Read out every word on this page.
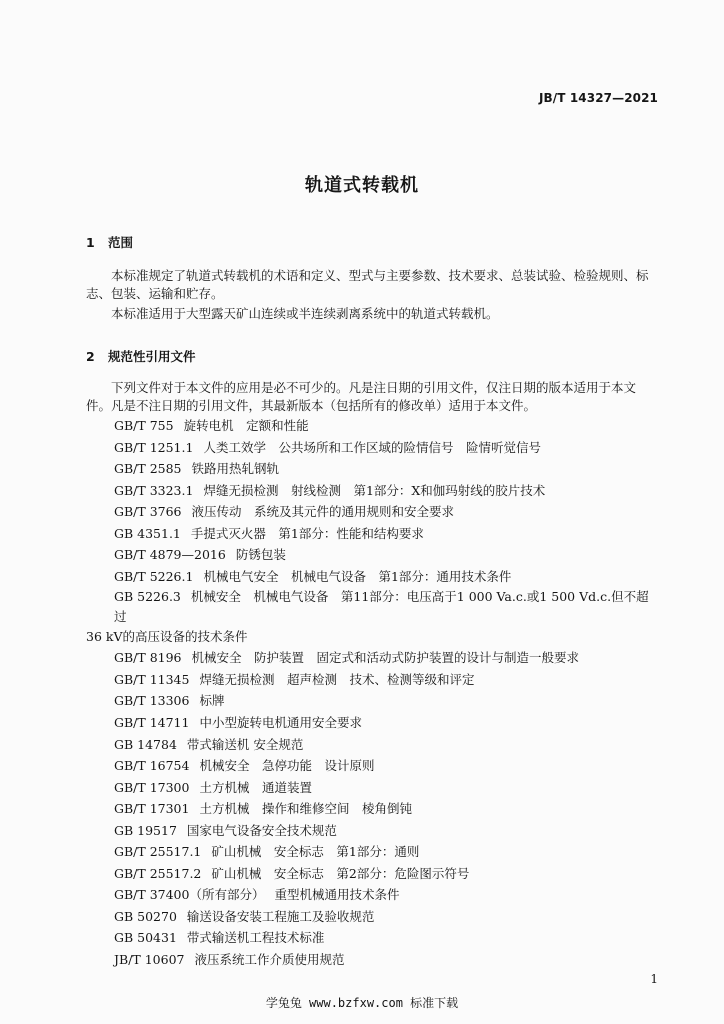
JB/T 14327—2021
轨道式转载机
1 范围

本标准规定了轨道式转载机的术语和定义、型式与主要参数、技术要求、总装试验、检验规则、标志、包装、运输和贮存。

本标准适用于大型露天矿山连续或半连续剥离系统中的轨道式转载机。

2 规范性引用文件

下列文件对于本文件的应用是必不可少的。凡是注日期的引用文件，仅注日期的版本适用于本文件。凡是不注日期的引用文件，其最新版本（包括所有的修改单）适用于本文件。

GB/T 755 旋转电机　定额和性能
GB/T 1251.1 人类工效学　公共场所和工作区域的险情信号　险情听觉信号
GB/T 2585 铁路用热轧钢轨
GB/T 3323.1 焊缝无损检测　射线检测　第1部分：X和伽玛射线的胶片技术
GB/T 3766 液压传动　系统及其元件的通用规则和安全要求
GB 4351.1 手提式灭火器　第1部分：性能和结构要求
GB/T 4879—2016 防锈包装
GB/T 5226.1 机械电气安全　机械电气设备　第1部分：通用技术条件
GB 5226.3 机械安全　机械电气设备　第11部分：电压高于1 000 Va.c.或1 500 Vd.c.但不超过
36 kV的高压设备的技术条件
GB/T 8196 机械安全　防护装置　固定式和活动式防护装置的设计与制造一般要求
GB/T 11345 焊缝无损检测　超声检测　技术、检测等级和评定
GB/T 13306 标牌
GB/T 14711 中小型旋转电机通用安全要求
GB 14784 带式输送机 安全规范
GB/T 16754 机械安全　急停功能　设计原则
GB/T 17300 土方机械　通道装置
GB/T 17301 土方机械　操作和维修空间　棱角倒钝
GB 19517 国家电气设备安全技术规范
GB/T 25517.1 矿山机械　安全标志　第1部分：通则
GB/T 25517.2 矿山机械　安全标志　第2部分：危险图示符号
GB/T 37400（所有部分） 重型机械通用技术条件
GB 50270 输送设备安装工程施工及验收规范
GB 50431 带式输送机工程技术标准
JB/T 10607 液压系统工作介质使用规范
1
学兔兔 www.bzfxw.com 标准下载
